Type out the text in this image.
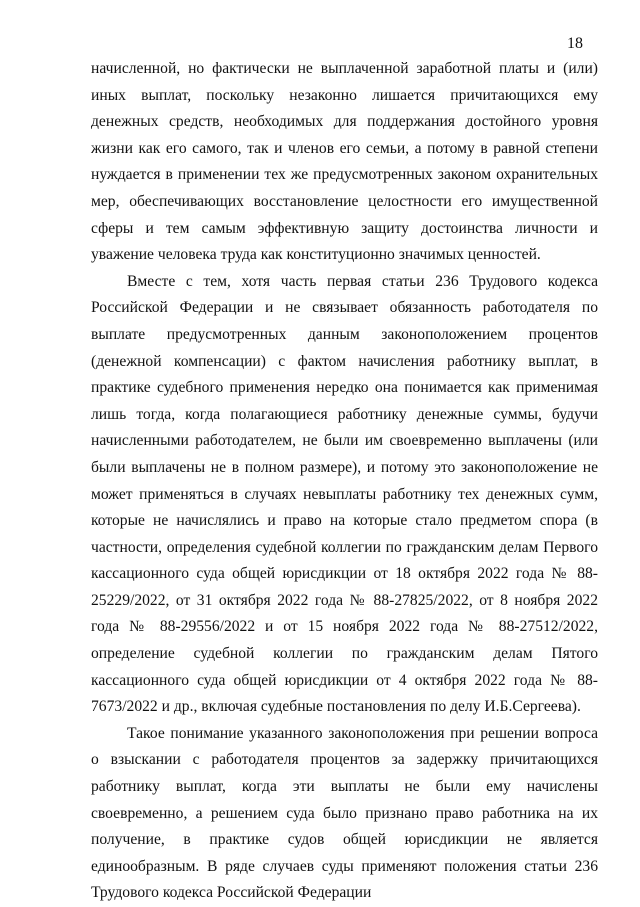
18

начисленной, но фактически не выплаченной заработной платы и (или) иных выплат, поскольку незаконно лишается причитающихся ему денежных средств, необходимых для поддержания достойного уровня жизни как его самого, так и членов его семьи, а потому в равной степени нуждается в применении тех же предусмотренных законом охранительных мер, обеспечивающих восстановление целостности его имущественной сферы и тем самым эффективную защиту достоинства личности и уважение человека труда как конституционно значимых ценностей.

Вместе с тем, хотя часть первая статьи 236 Трудового кодекса Российской Федерации и не связывает обязанность работодателя по выплате предусмотренных данным законоположением процентов (денежной компенсации) с фактом начисления работнику выплат, в практике судебного применения нередко она понимается как применимая лишь тогда, когда полагающиеся работнику денежные суммы, будучи начисленными работодателем, не были им своевременно выплачены (или были выплачены не в полном размере), и потому это законоположение не может применяться в случаях невыплаты работнику тех денежных сумм, которые не начислялись и право на которые стало предметом спора (в частности, определения судебной коллегии по гражданским делам Первого кассационного суда общей юрисдикции от 18 октября 2022 года № 88-25229/2022, от 31 октября 2022 года № 88-27825/2022, от 8 ноября 2022 года № 88-29556/2022 и от 15 ноября 2022 года № 88-27512/2022, определение судебной коллегии по гражданским делам Пятого кассационного суда общей юрисдикции от 4 октября 2022 года № 88-7673/2022 и др., включая судебные постановления по делу И.Б.Сергеева).

Такое понимание указанного законоположения при решении вопроса о взыскании с работодателя процентов за задержку причитающихся работнику выплат, когда эти выплаты не были ему начислены своевременно, а решением суда было признано право работника на их получение, в практике судов общей юрисдикции не является единообразным. В ряде случаев суды применяют положения статьи 236 Трудового кодекса Российской Федерации
